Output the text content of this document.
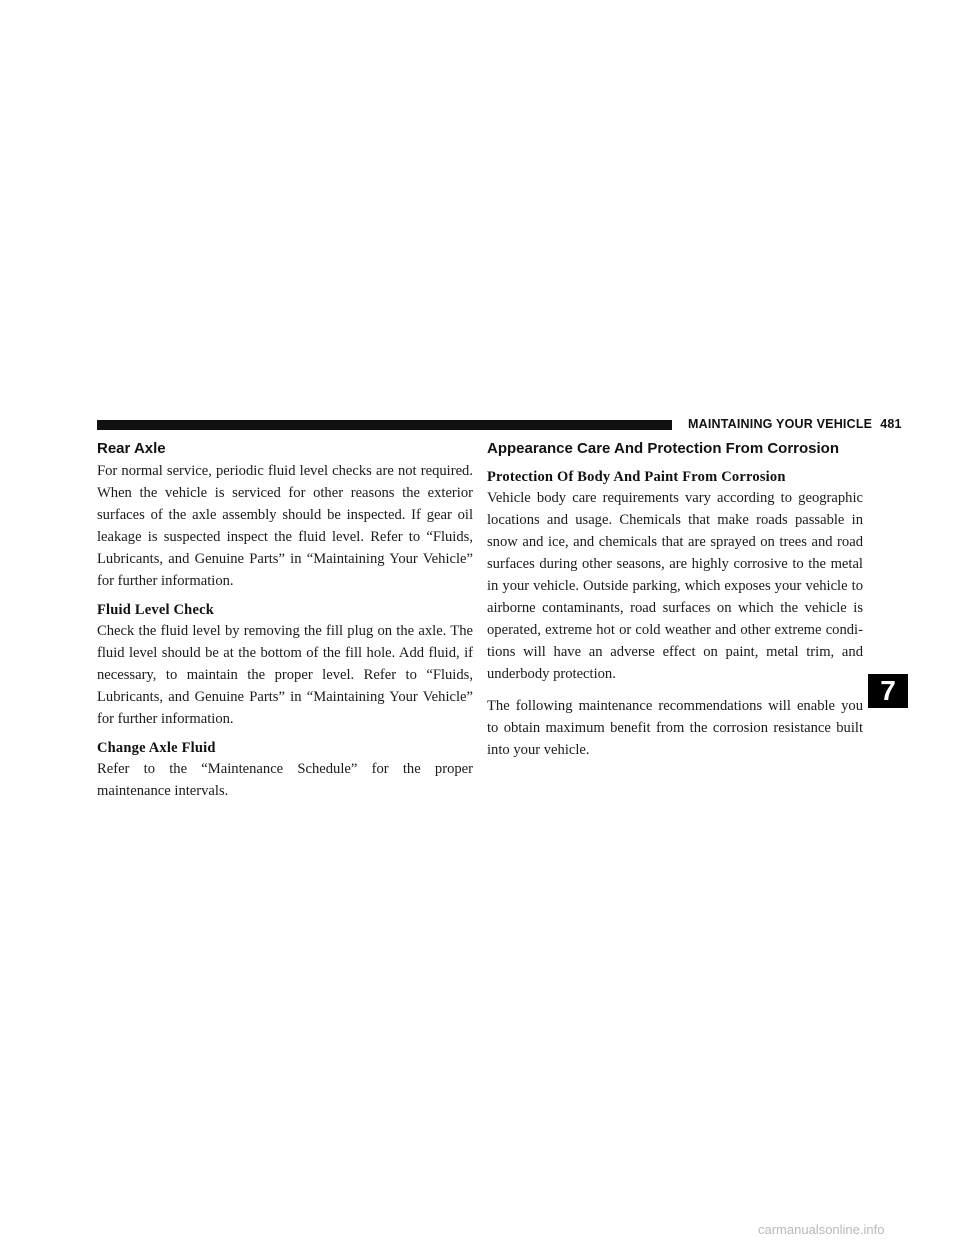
MAINTAINING YOUR VEHICLE 481
Rear Axle

For normal service, periodic fluid level checks are not required. When the vehicle is serviced for other reasons the exterior surfaces of the axle assembly should be inspected. If gear oil leakage is suspected inspect the fluid level. Refer to “Fluids, Lubricants, and Genuine Parts” in “Maintaining Your Vehicle” for further information.

Fluid Level Check

Check the fluid level by removing the fill plug on the axle. The fluid level should be at the bottom of the fill hole. Add fluid, if necessary, to maintain the proper level. Refer to “Fluids, Lubricants, and Genuine Parts” in “Maintaining Your Vehicle” for further information.

Change Axle Fluid

Refer to the “Maintenance Schedule” for the proper maintenance intervals.

Appearance Care And Protection From Corrosion
Protection Of Body And Paint From Corrosion

Vehicle body care requirements vary according to geographic locations and usage. Chemicals that make roads passable in snow and ice, and chemicals that are sprayed on trees and road surfaces during other seasons, are highly corrosive to the metal in your vehicle. Outside parking, which exposes your vehicle to airborne contaminants, road surfaces on which the vehicle is operated, extreme hot or cold weather and other extreme conditions will have an adverse effect on paint, metal trim, and underbody protection.

The following maintenance recommendations will enable you to obtain maximum benefit from the corrosion resistance built into your vehicle.

7
carmanualsonline.info
